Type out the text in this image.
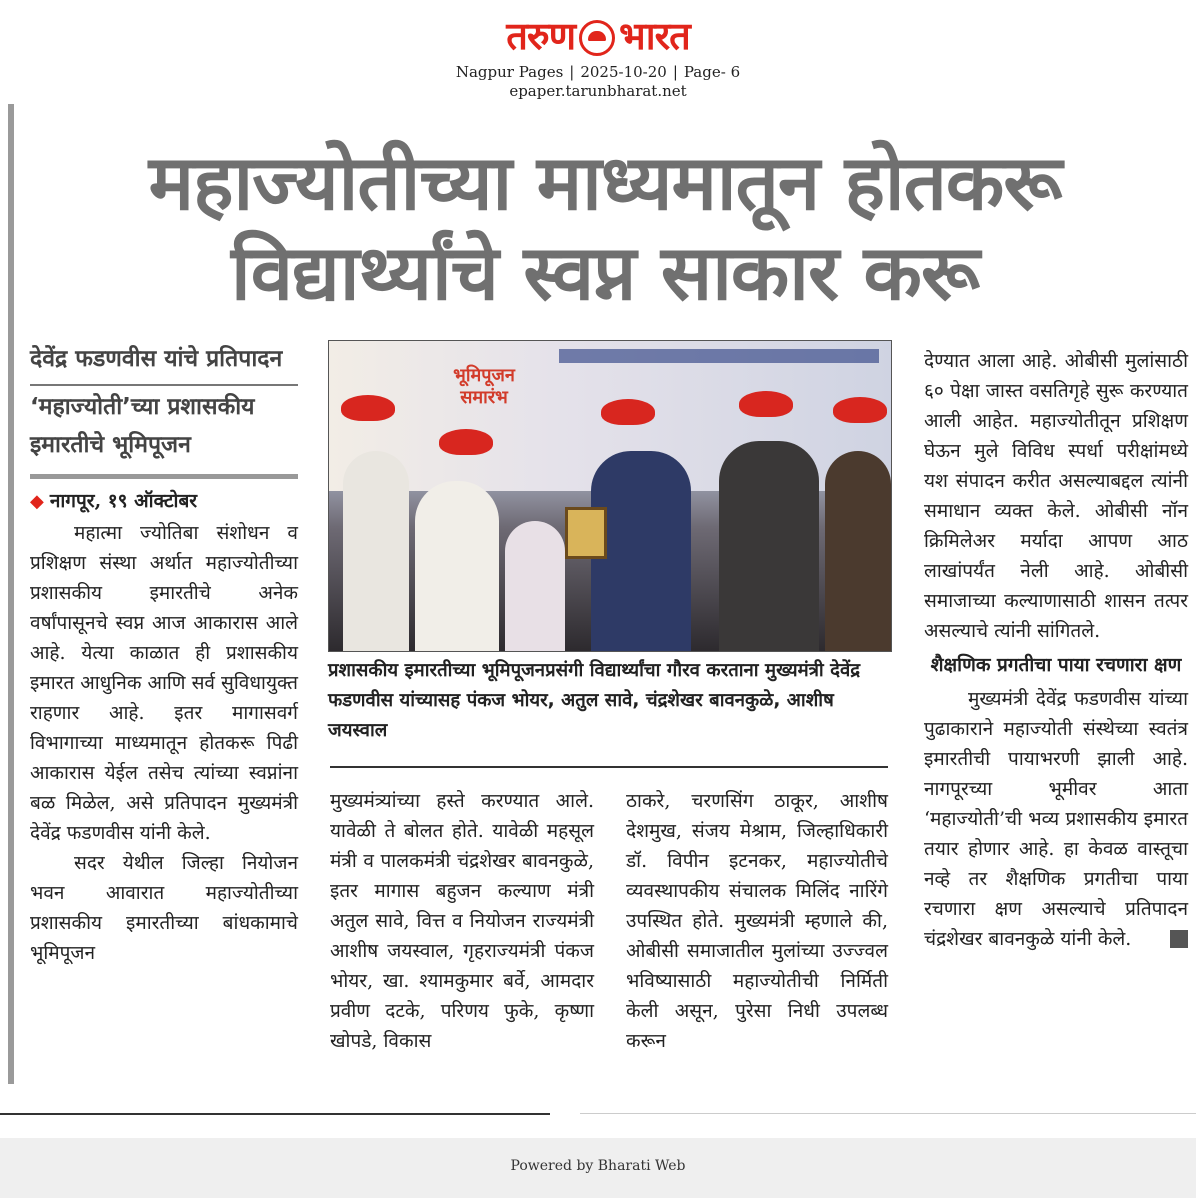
तरुण भारत
Nagpur Pages | 2025-10-20 | Page- 6
epaper.tarunbharat.net
महाज्योतीच्या माध्यमातून होतकरू
विद्यार्थ्यांचे स्वप्न साकार करू
देवेंद्र फडणवीस यांचे प्रतिपादन
‘महाज्योती’च्या प्रशासकीय इमारतीचे भूमिपूजन
◆ नागपूर, १९ ऑक्टोबर

महात्मा ज्योतिबा संशोधन व प्रशिक्षण संस्था अर्थात महाज्योतीच्या प्रशासकीय इमारतीचे अनेक वर्षांपासूनचे स्वप्न आज आकारास आले आहे. येत्या काळात ही प्रशासकीय इमारत आधुनिक आणि सर्व सुविधायुक्त राहणार आहे. इतर मागासवर्ग विभागाच्या माध्यमातून होतकरू पिढी आकारास येईल तसेच त्यांच्या स्वप्नांना बळ मिळेल, असे प्रतिपादन मुख्यमंत्री देवेंद्र फडणवीस यांनी केले.

सदर येथील जिल्हा नियोजन भवन आवारात महाज्योतीच्या प्रशासकीय इमारतीच्या बांधकामाचे भूमिपूजन

भूमिपूजन समारंभ
प्रशासकीय इमारतीच्या भूमिपूजनप्रसंगी विद्यार्थ्यांचा गौरव करताना मुख्यमंत्री देवेंद्र फडणवीस यांच्यासह पंकज भोयर, अतुल सावे, चंद्रशेखर बावनकुळे, आशीष जयस्वाल

मुख्यमंत्र्यांच्या हस्ते करण्यात आले. यावेळी ते बोलत होते. यावेळी महसूल मंत्री व पालकमंत्री चंद्रशेखर बावनकुळे, इतर मागास बहुजन कल्याण मंत्री अतुल सावे, वित्त व नियोजन राज्यमंत्री आशीष जयस्वाल, गृहराज्यमंत्री पंकज भोयर, खा. श्यामकुमार बर्वे, आमदार प्रवीण दटके, परिणय फुके, कृष्णा खोपडे, विकास

ठाकरे, चरणसिंग ठाकूर, आशीष देशमुख, संजय मेश्राम, जिल्हाधिकारी डॉ. विपीन इटनकर, महाज्योतीचे व्यवस्थापकीय संचालक मिलिंद नारिंगे उपस्थित होते. मुख्यमंत्री म्हणाले की, ओबीसी समाजातील मुलांच्या उज्ज्वल भविष्यासाठी महाज्योतीची निर्मिती केली असून, पुरेसा निधी उपलब्ध करून

देण्यात आला आहे. ओबीसी मुलांसाठी ६० पेक्षा जास्त वसतिगृहे सुरू करण्यात आली आहेत. महाज्योतीतून प्रशिक्षण घेऊन मुले विविध स्पर्धा परीक्षांमध्ये यश संपादन करीत असल्याबद्दल त्यांनी समाधान व्यक्त केले. ओबीसी नॉन क्रिमिलेअर मर्यादा आपण आठ लाखांपर्यंत नेली आहे. ओबीसी समाजाच्या कल्याणासाठी शासन तत्पर असल्याचे त्यांनी सांगितले.

शैक्षणिक प्रगतीचा पाया रचणारा क्षण

मुख्यमंत्री देवेंद्र फडणवीस यांच्या पुढाकाराने महाज्योती संस्थेच्या स्वतंत्र इमारतीची पायाभरणी झाली आहे. नागपूरच्या भूमीवर आता ‘महाज्योती’ची भव्य प्रशासकीय इमारत तयार होणार आहे. हा केवळ वास्तूचा नव्हे तर शैक्षणिक प्रगतीचा पाया रचणारा क्षण असल्याचे प्रतिपादन चंद्रशेखर बावनकुळे यांनी केले.

Powered by Bharati Web
